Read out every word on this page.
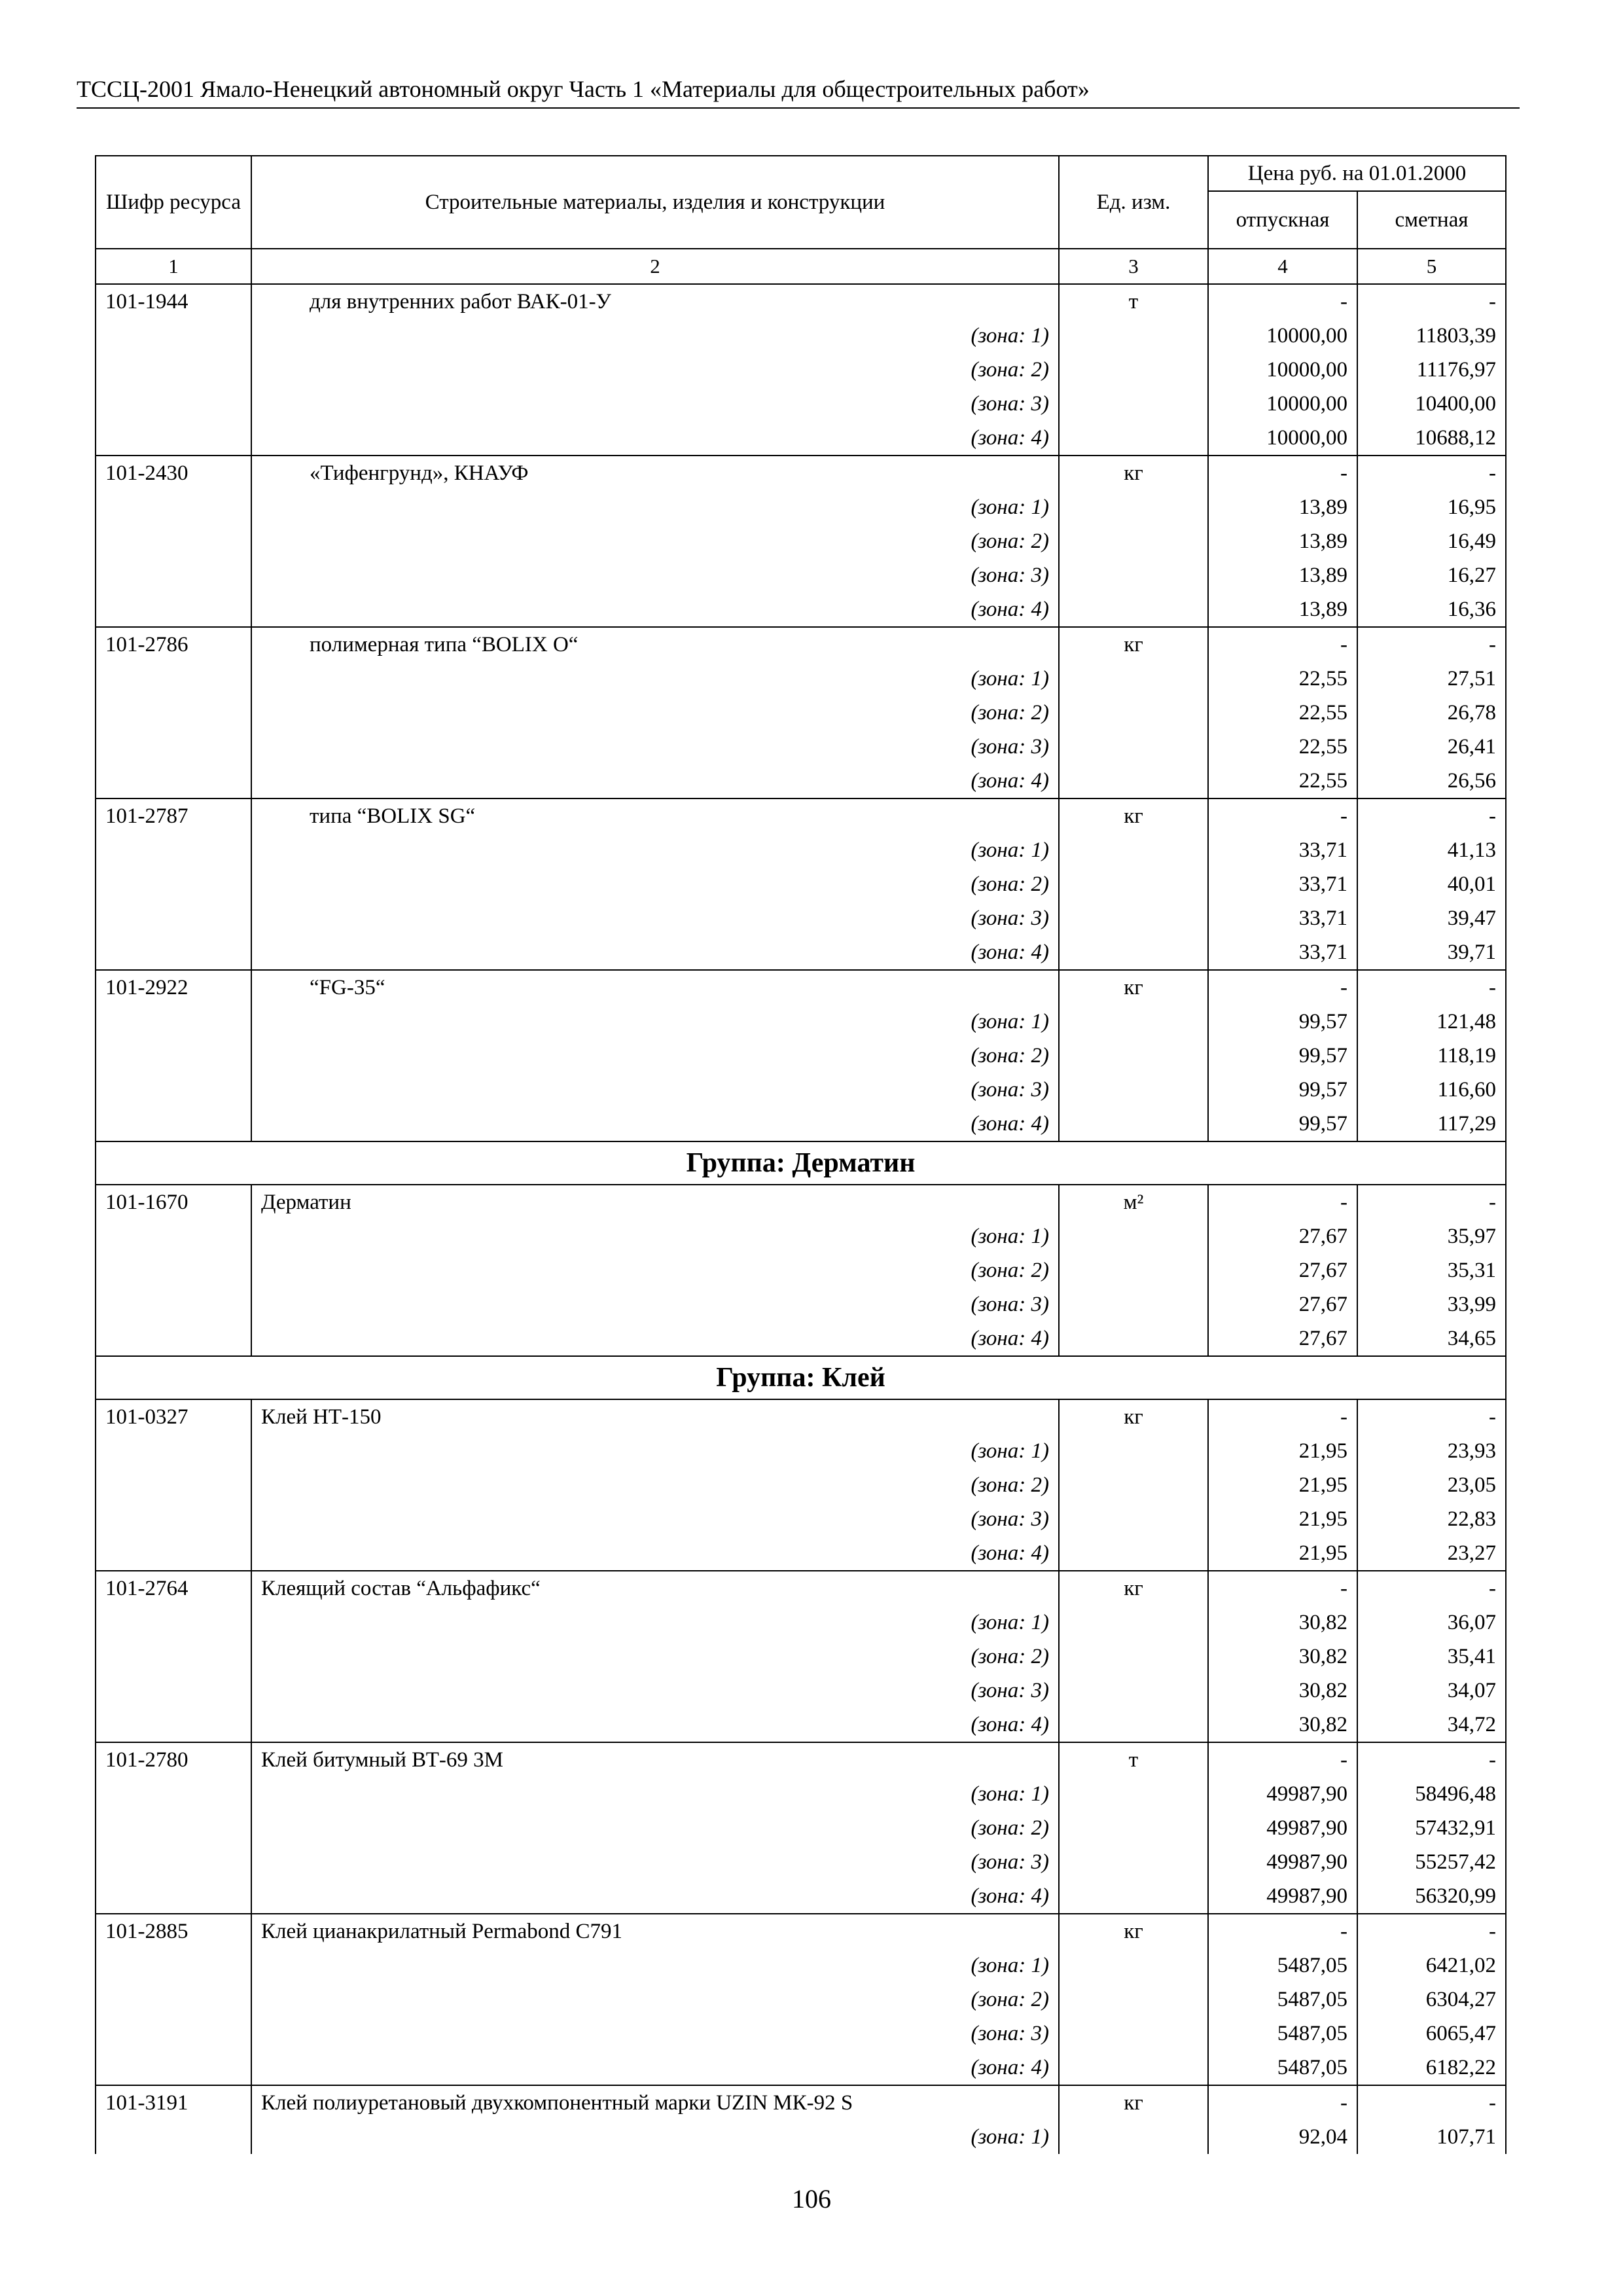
ТССЦ-2001 Ямало-Ненецкий автономный округ Часть 1 «Материалы для общестроительных работ»
Шифр ресурса	Строительные материалы, изделия и конструкции	Ед. изм.	Цена руб. на 01.01.2000	
			отпускная	сметная
1	2	3	4	5
101-1944	для внутренних работ ВАК-01-У	т	-	-
	(зона: 1)		10000,00	11803,39
	(зона: 2)		10000,00	11176,97
	(зона: 3)		10000,00	10400,00
	(зона: 4)		10000,00	10688,12
101-2430	«Тифенгрунд», КНАУФ	кг	-	-
	(зона: 1)		13,89	16,95
	(зона: 2)		13,89	16,49
	(зона: 3)		13,89	16,27
	(зона: 4)		13,89	16,36
101-2786	полимерная типа “BOLIX O“	кг	-	-
	(зона: 1)		22,55	27,51
	(зона: 2)		22,55	26,78
	(зона: 3)		22,55	26,41
	(зона: 4)		22,55	26,56
101-2787	типа “BOLIX SG“	кг	-	-
	(зона: 1)		33,71	41,13
	(зона: 2)		33,71	40,01
	(зона: 3)		33,71	39,47
	(зона: 4)		33,71	39,71
101-2922	“FG-35“	кг	-	-
	(зона: 1)		99,57	121,48
	(зона: 2)		99,57	118,19
	(зона: 3)		99,57	116,60
	(зона: 4)		99,57	117,29
Группа: Дерматин				
101-1670	Дерматин	м²	-	-
	(зона: 1)		27,67	35,97
	(зона: 2)		27,67	35,31
	(зона: 3)		27,67	33,99
	(зона: 4)		27,67	34,65
Группа: Клей				
101-0327	Клей НТ-150	кг	-	-
	(зона: 1)		21,95	23,93
	(зона: 2)		21,95	23,05
	(зона: 3)		21,95	22,83
	(зона: 4)		21,95	23,27
101-2764	Клеящий состав “Альфафикс“	кг	-	-
	(зона: 1)		30,82	36,07
	(зона: 2)		30,82	35,41
	(зона: 3)		30,82	34,07
	(зона: 4)		30,82	34,72
101-2780	Клей битумный ВТ-69 3М	т	-	-
	(зона: 1)		49987,90	58496,48
	(зона: 2)		49987,90	57432,91
	(зона: 3)		49987,90	55257,42
	(зона: 4)		49987,90	56320,99
101-2885	Клей цианакрилатный Permabond С791	кг	-	-
	(зона: 1)		5487,05	6421,02
	(зона: 2)		5487,05	6304,27
	(зона: 3)		5487,05	6065,47
	(зона: 4)		5487,05	6182,22
101-3191	Клей полиуретановый двухкомпонентный марки UZIN МК-92 S	кг	-	-
	(зона: 1)		92,04	107,71
106
